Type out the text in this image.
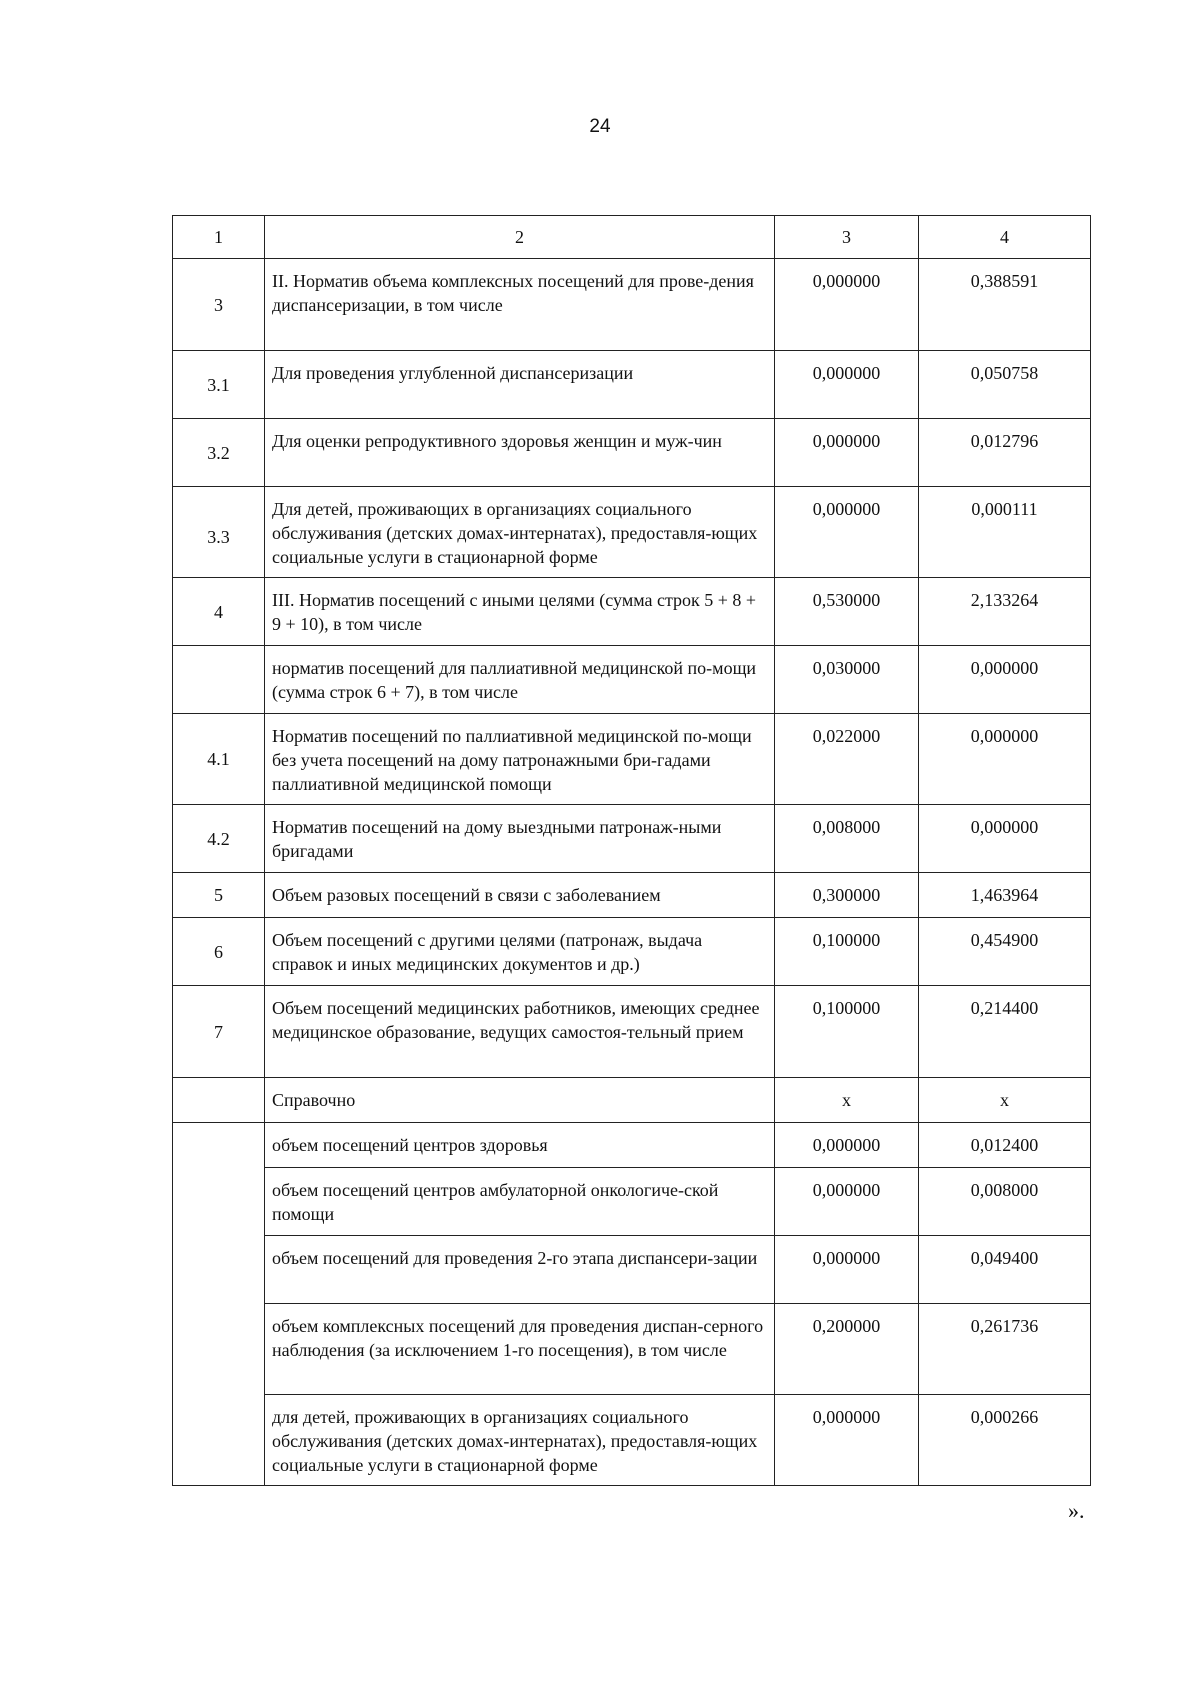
24
1	2	3	4
3	II. Норматив объема комплексных посещений для прове-дения диспансеризации, в том числе	0,000000	0,388591
3.1	Для проведения углубленной диспансеризации	0,000000	0,050758
3.2	Для оценки репродуктивного здоровья женщин и муж-чин	0,000000	0,012796
3.3	Для детей, проживающих в организациях социального обслуживания (детских домах-интернатах), предоставля-ющих социальные услуги в стационарной форме	0,000000	0,000111
4	III. Норматив посещений с иными целями (сумма строк 5 + 8 + 9 + 10), в том числе	0,530000	2,133264
	норматив посещений для паллиативной медицинской по-мощи (сумма строк 6 + 7), в том числе	0,030000	0,000000
4.1	Норматив посещений по паллиативной медицинской по-мощи без учета посещений на дому патронажными бри-гадами паллиативной медицинской помощи	0,022000	0,000000
4.2	Норматив посещений на дому выездными патронаж-ными бригадами	0,008000	0,000000
5	Объем разовых посещений в связи с заболеванием	0,300000	1,463964
6	Объем посещений с другими целями (патронаж, выдача справок и иных медицинских документов и др.)	0,100000	0,454900
7	Объем посещений медицинских работников, имеющих среднее медицинское образование, ведущих самостоя-тельный прием	0,100000	0,214400
	Справочно	х	х
	объем посещений центров здоровья	0,000000	0,012400
	объем посещений центров амбулаторной онкологиче-ской помощи	0,000000	0,008000
	объем посещений для проведения 2-го этапа диспансери-зации	0,000000	0,049400
	объем комплексных посещений для проведения диспан-серного наблюдения (за исключением 1-го посещения), в том числе	0,200000	0,261736
	для детей, проживающих в организациях социального обслуживания (детских домах-интернатах), предоставля-ющих социальные услуги в стационарной форме	0,000000	0,000266
».
